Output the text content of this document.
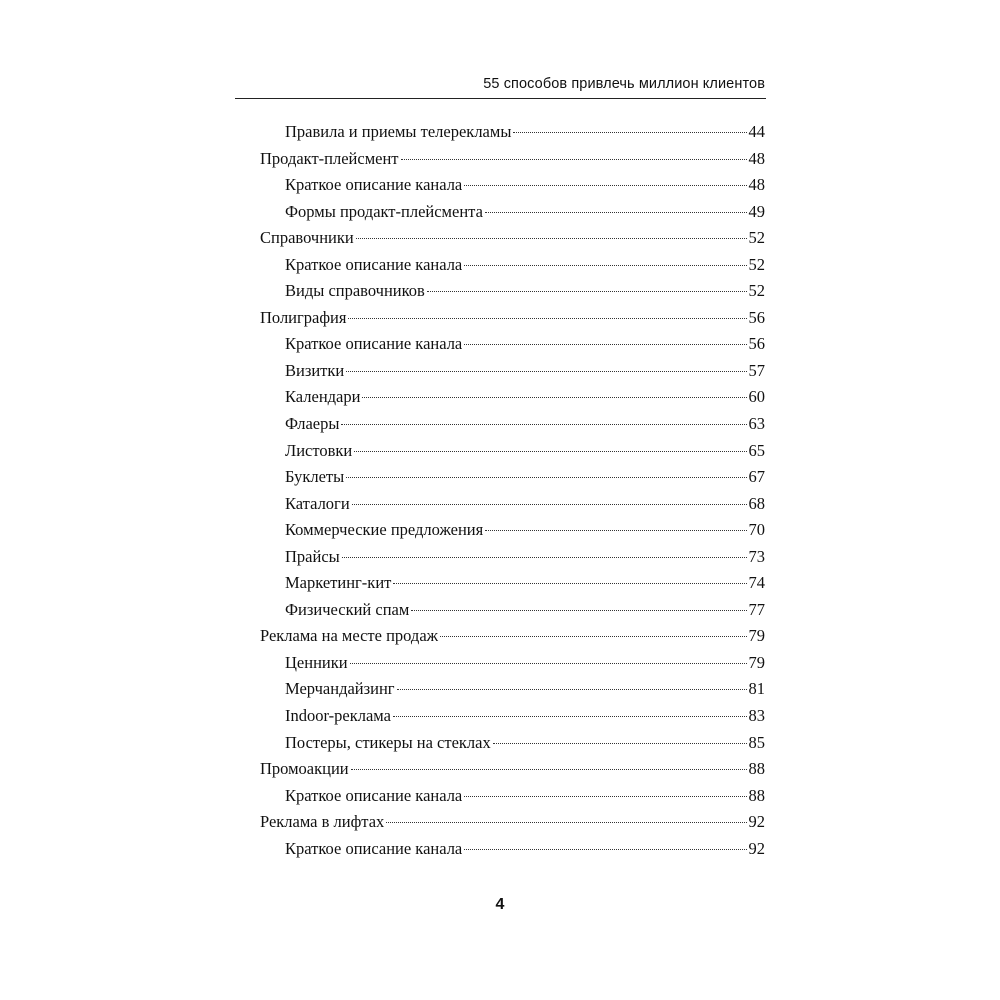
55 способов привлечь миллион клиентов
Правила и приемы телерекламы	44
Продакт-плейсмент	48
Краткое описание канала	48
Формы продакт-плейсмента	49
Справочники	52
Краткое описание канала	52
Виды справочников	52
Полиграфия	56
Краткое описание канала	56
Визитки	57
Календари	60
Флаеры	63
Листовки	65
Буклеты	67
Каталоги	68
Коммерческие предложения	70
Прайсы	73
Маркетинг-кит	74
Физический спам	77
Реклама на месте продаж	79
Ценники	79
Мерчандайзинг	81
Indoor-реклама	83
Постеры, стикеры на стеклах	85
Промоакции	88
Краткое описание канала	88
Реклама в лифтах	92
Краткое описание канала	92
4
